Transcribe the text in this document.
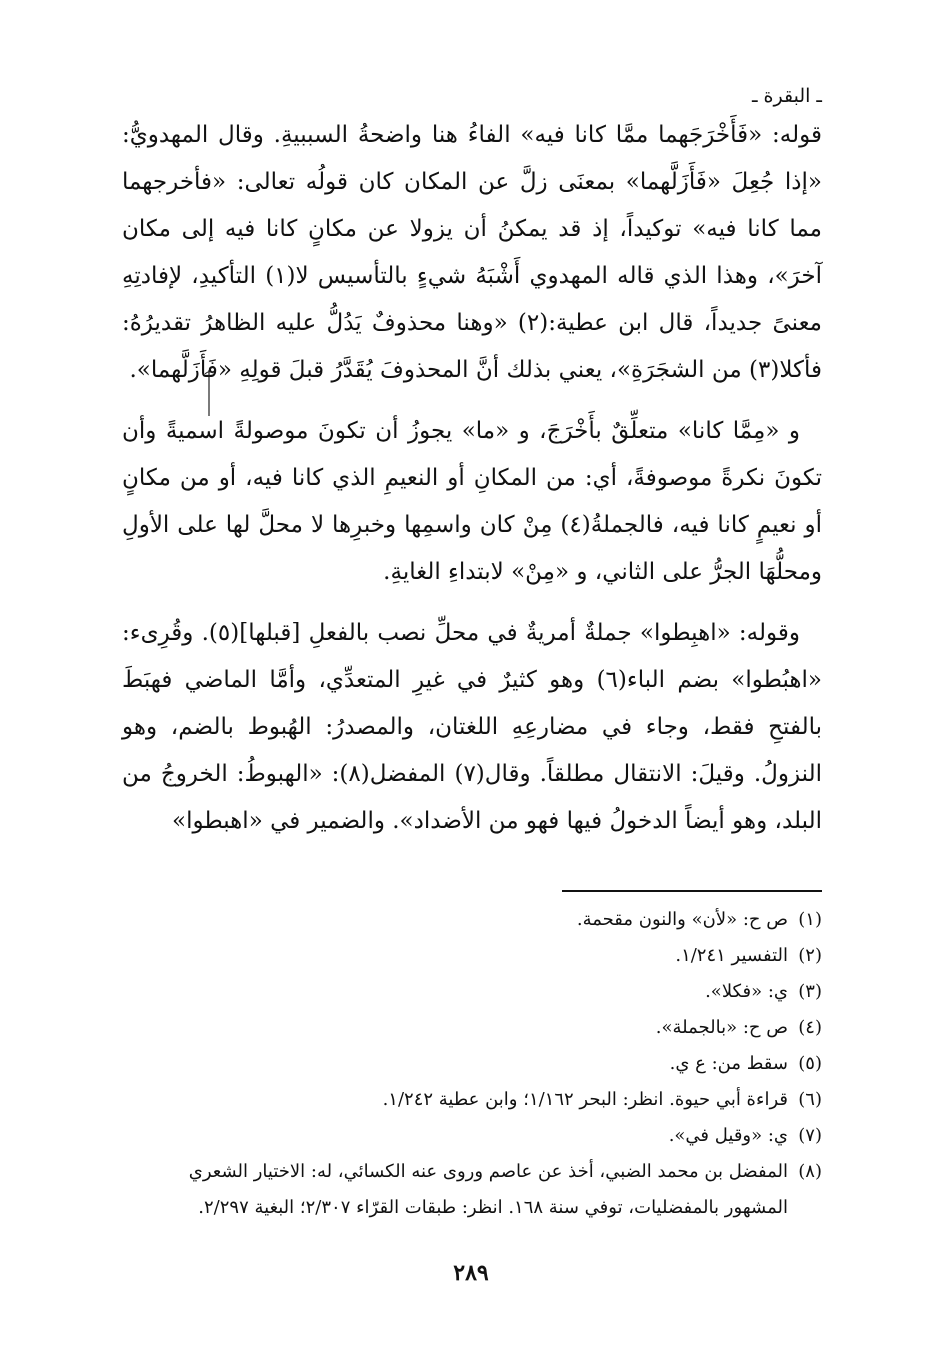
ـ البقرة ـ

قوله: «فَأَخْرَجَهما ممَّا كانا فيه» الفاءُ هنا واضحةُ السببيةِ. وقال المهدويُّ: «إذا جُعِلَ «فَأَزَلَّهما» بمعنَى زلَّ عن المكان كان قولُه تعالى: «فأخرجهما مما كانا فيه» توكيداً، إذ قد يمكنُ أن يزولا عن مكانٍ كانا فيه إلى مكان آخرَ»، وهذا الذي قاله المهدوي أَشْبَهُ شيءٍ بالتأسيس لا(١) التأكيدِ، لإفادتِهِ معنىً جديداً، قال ابن عطية:(٢) «وهنا محذوفٌ يَدُلُّ عليه الظاهرُ تقديرُهُ: فأكلا(٣) من الشجَرَةِ»، يعني بذلك أنَّ المحذوفَ يُقَدَّرُ قبلَ قولِهِ «فَأَزَلَّهما».

و «مِمَّا كانا» متعلِّقٌ بأَخْرَجَ، و «ما» يجوزُ أن تكونَ موصولةً اسميةً وأن تكونَ نكرةً موصوفةً، أي: من المكانِ أو النعيمِ الذي كانا فيه، أو من مكانٍ أو نعيمٍ كانا فيه، فالجملةُ(٤) مِنْ كان واسمِها وخبرِها لا محلَّ لها على الأولِ ومحلُّهَا الجرُّ على الثاني، و «مِنْ» لابتداءِ الغايةِ.

وقوله: «اهبِطوا» جملةٌ أمريةٌ في محلِّ نصب بالفعلِ [قبلها](٥). وقُرِىء: «اهبُطوا» بضم الباء(٦) وهو كثيرٌ في غيرِ المتعدِّي، وأمَّا الماضي فهبَطَ بالفتحِ فقط، وجاء في مضارعِهِ اللغتان، والمصدرُ: الهُبوط بالضم، وهو النزولُ. وقيلَ: الانتقال مطلقاً. وقال(٧) المفضل(٨): «الهبوطُ: الخروجُ من البلد، وهو أيضاً الدخولُ فيها فهو من الأضداد». والضمير في «اهبطوا»

(١)
ص ح: «لأن» والنون مقحمة.
(٢)
التفسير ١/٢٤١.
(٣)
ي: «فكلا».
(٤)
ص ح: «بالجملة».
(٥)
سقط من: ع ي.
(٦)
قراءة أبي حيوة. انظر: البحر ١/١٦٢؛ وابن عطية ١/٢٤٢.
(٧)
ي: «وقيل في».
(٨)
المفضل بن محمد الضبي، أخذ عن عاصم وروى عنه الكسائي، له: الاختيار الشعري المشهور بالمفضليات، توفي سنة ١٦٨. انظر: طبقات القرّاء ٢/٣٠٧؛ البغية ٢/٢٩٧.
٢٨٩
